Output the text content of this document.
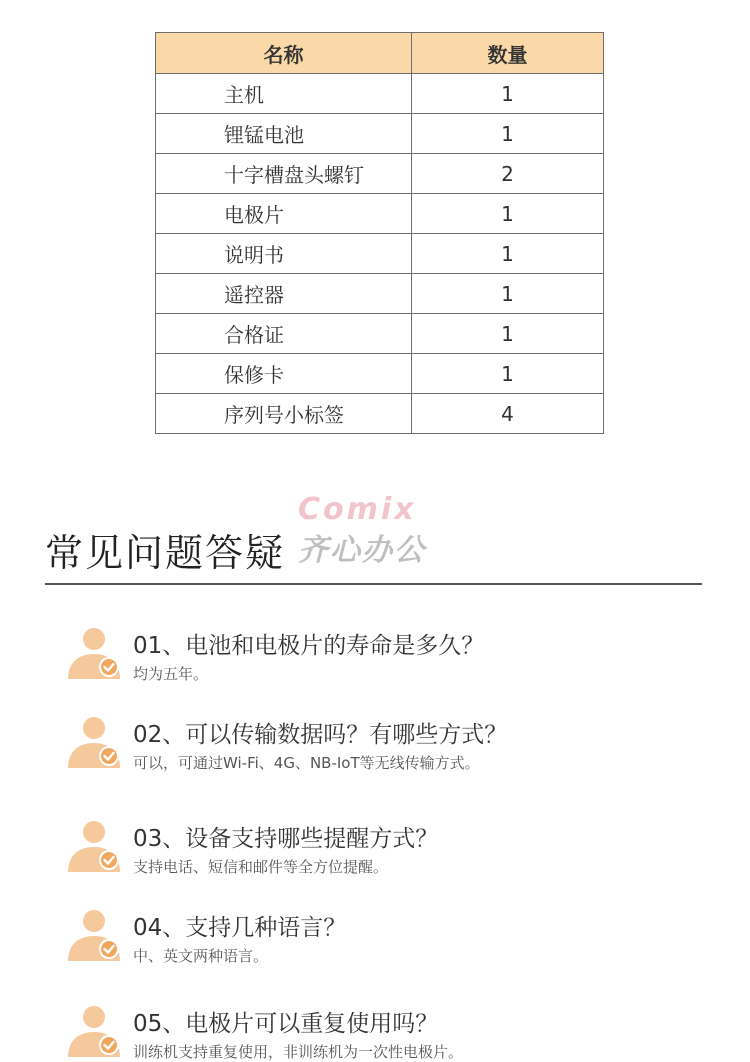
名称	数量
主机	1
锂锰电池	1
十字槽盘头螺钉	2
电极片	1
说明书	1
遥控器	1
合格证	1
保修卡	1
序列号小标签	4
Comix
齐心办公
常见问题答疑
01、电池和电极片的寿命是多久？
均为五年。
02、可以传输数据吗？有哪些方式？
可以，可通过Wi-Fi、4G、NB-IoT等无线传输方式。
03、设备支持哪些提醒方式？
支持电话、短信和邮件等全方位提醒。
04、支持几种语言？
中、英文两种语言。
05、电极片可以重复使用吗？
训练机支持重复使用，非训练机为一次性电极片。
